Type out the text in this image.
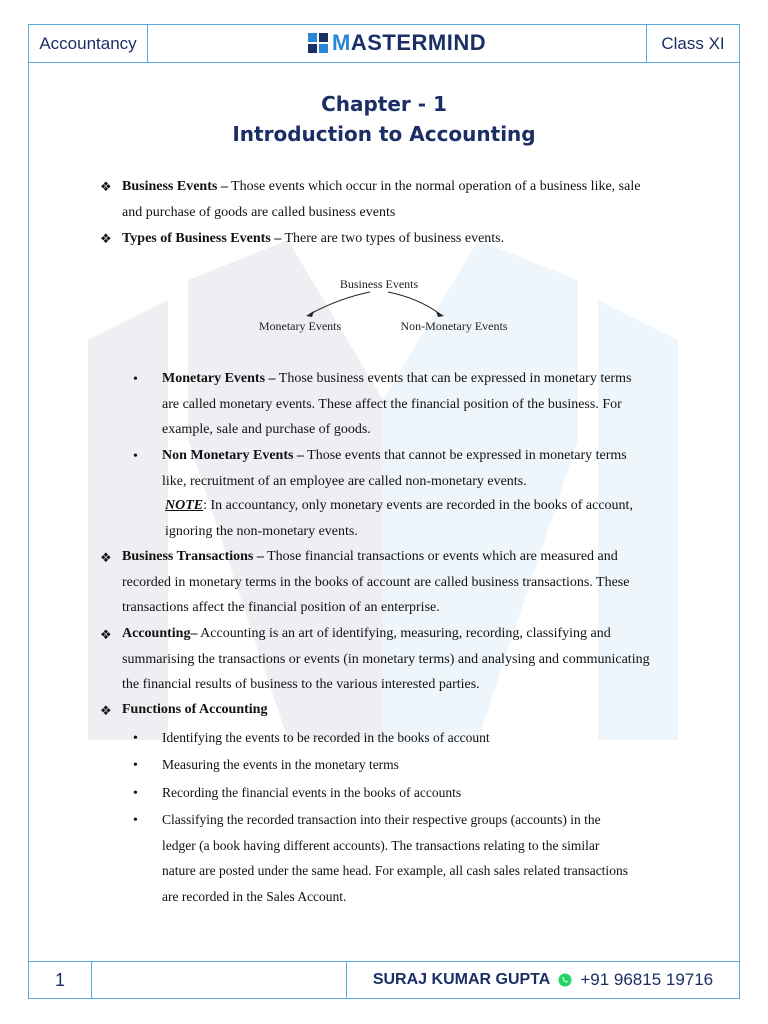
Accountancy	Class XI
MASTERMIND
Chapter - 1
Introduction to Accounting
❖ Business Events – Those events which occur in the normal operation of a business like, sale
and purchase of goods are called business events
❖ Types of Business Events – There are two types of business events.
Business Events
Monetary Events	Non-Monetary Events
• Monetary Events – Those business events that can be expressed in monetary terms
are called monetary events. These affect the financial position of the business. For
example, sale and purchase of goods.
• Non Monetary Events – Those events that cannot be expressed in monetary terms
like, recruitment of an employee are called non-monetary events.
NOTE: In accountancy, only monetary events are recorded in the books of account,
ignoring the non-monetary events.
❖ Business Transactions – Those financial transactions or events which are measured and
recorded in monetary terms in the books of account are called business transactions. These
transactions affect the financial position of an enterprise.
❖ Accounting– Accounting is an art of identifying, measuring, recording, classifying and
summarising the transactions or events (in monetary terms) and analysing and communicating
the financial results of business to the various interested parties.
❖ Functions of Accounting
• Identifying the events to be recorded in the books of account
• Measuring the events in the monetary terms
• Recording the financial events in the books of accounts
• Classifying the recorded transaction into their respective groups (accounts) in the
ledger (a book having different accounts). The transactions relating to the similar
nature are posted under the same head. For example, all cash sales related transactions
are recorded in the Sales Account.
1	SURAJ KUMAR GUPTA +91 96815 19716
